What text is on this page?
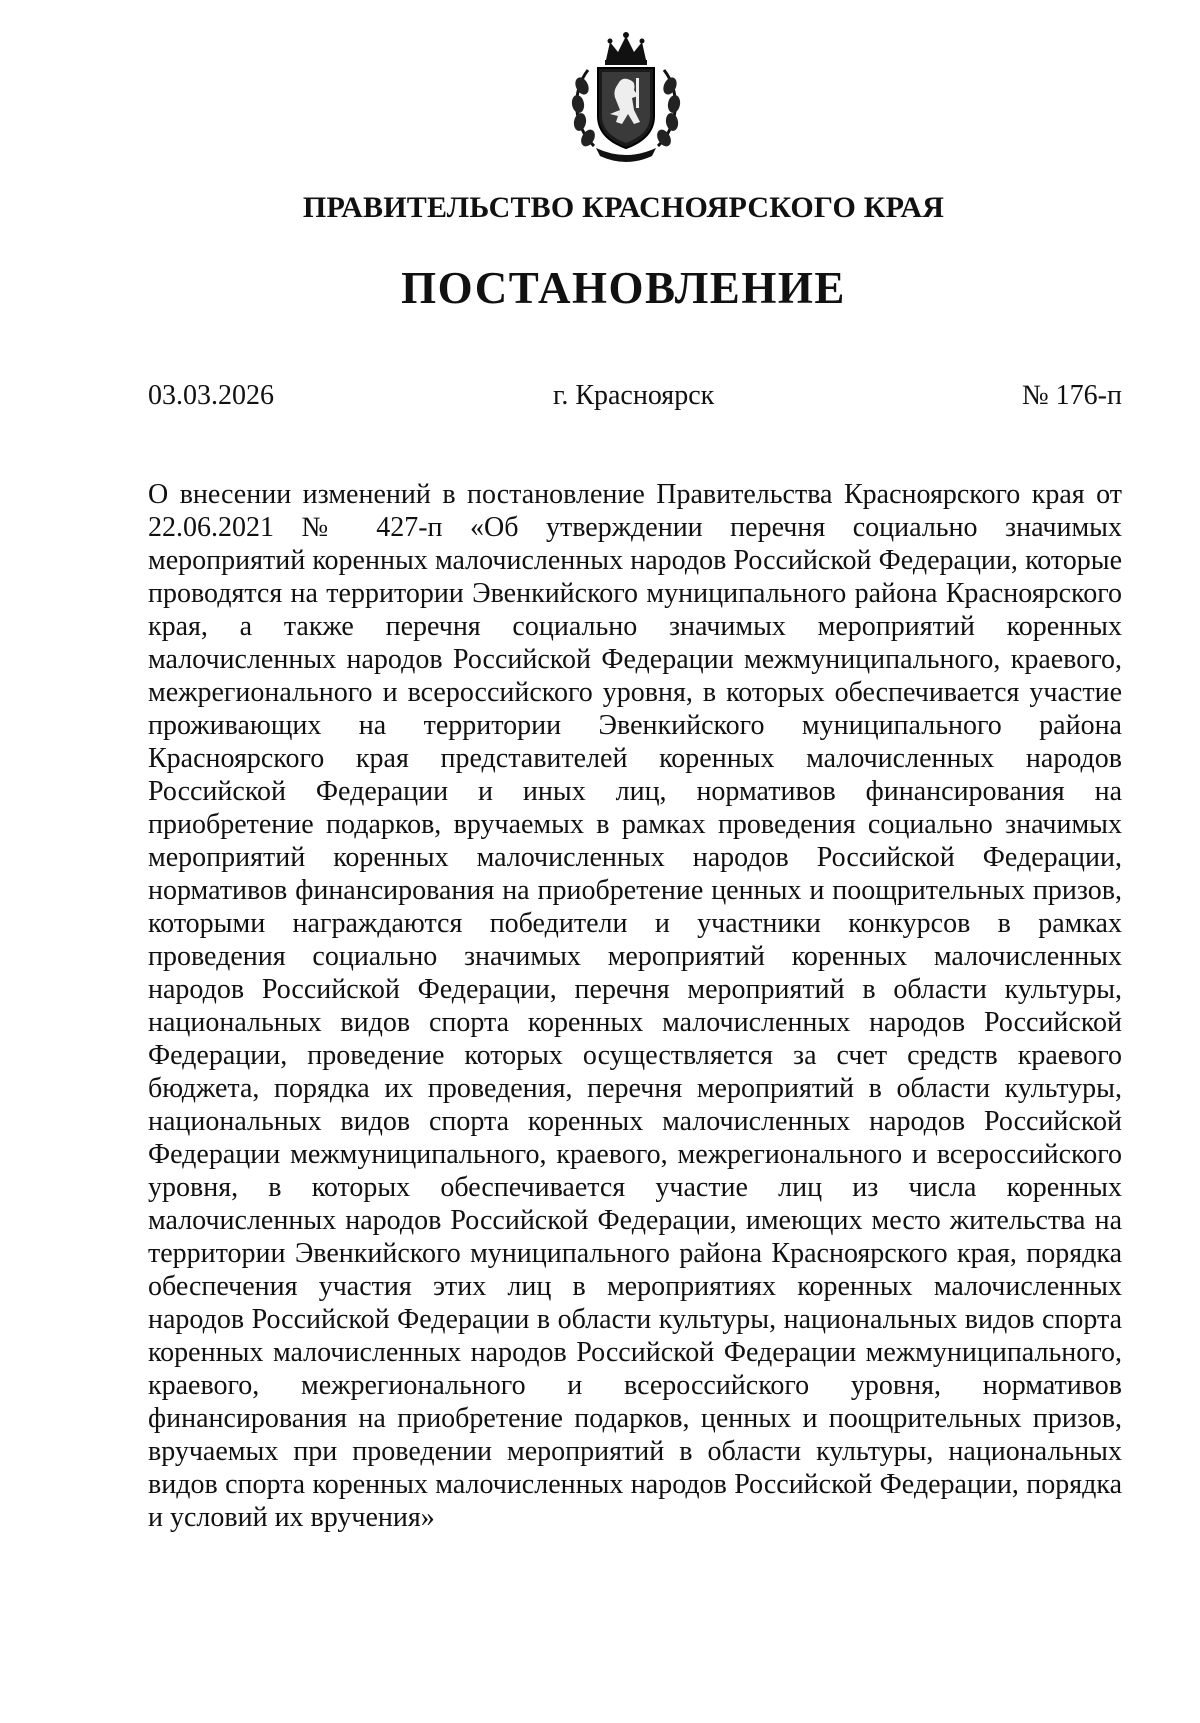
ПРАВИТЕЛЬСТВО КРАСНОЯРСКОГО КРАЯ
ПОСТАНОВЛЕНИЕ
03.03.2026	г. Красноярск	№ 176-п
О внесении изменений в постановление Правительства Красноярского края от 22.06.2021 № 427-п «Об утверждении перечня социально значимых мероприятий коренных малочисленных народов Российской Федерации, которые проводятся на территории Эвенкийского муниципального района Красноярского края, а также перечня социально значимых мероприятий коренных малочисленных народов Российской Федерации межмуниципального, краевого, межрегионального и всероссийского уровня, в которых обеспечивается участие проживающих на территории Эвенкийского муниципального района Красноярского края представителей коренных малочисленных народов Российской Федерации и иных лиц, нормативов финансирования на приобретение подарков, вручаемых в рамках проведения социально значимых мероприятий коренных малочисленных народов Российской Федерации, нормативов финансирования на приобретение ценных и поощрительных призов, которыми награждаются победители и участники конкурсов в рамках проведения социально значимых мероприятий коренных малочисленных народов Российской Федерации, перечня мероприятий в области культуры, национальных видов спорта коренных малочисленных народов Российской Федерации, проведение которых осуществляется за счет средств краевого бюджета, порядка их проведения, перечня мероприятий в области культуры, национальных видов спорта коренных малочисленных народов Российской Федерации межмуниципального, краевого, межрегионального и всероссийского уровня, в которых обеспечивается участие лиц из числа коренных малочисленных народов Российской Федерации, имеющих место жительства на территории Эвенкийского муниципального района Красноярского края, порядка обеспечения участия этих лиц в мероприятиях коренных малочисленных народов Российской Федерации в области культуры, национальных видов спорта коренных малочисленных народов Российской Федерации межмуниципального, краевого, межрегионального и всероссийского уровня, нормативов финансирования на приобретение подарков, ценных и поощрительных призов, вручаемых при проведении мероприятий в области культуры, национальных видов спорта коренных малочисленных народов Российской Федерации, порядка и условий их вручения»
